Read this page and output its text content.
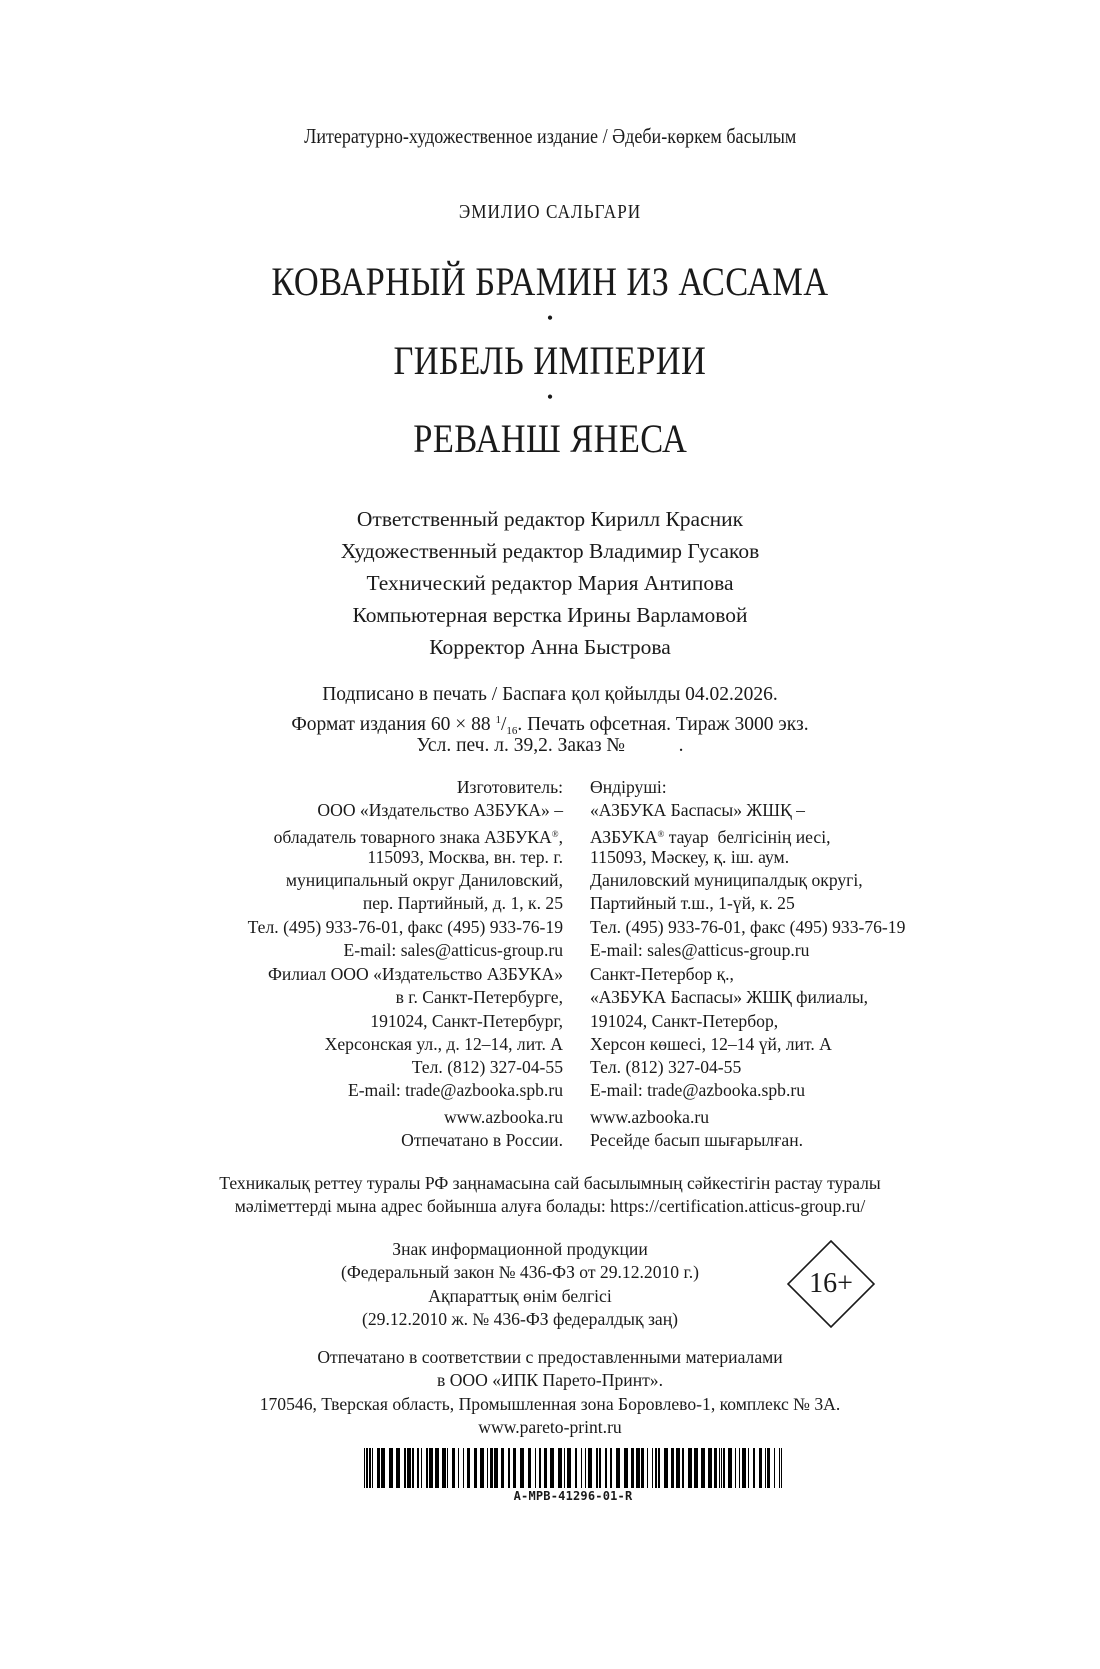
Литературно-художественное издание / Әдеби-көркем басылым
ЭМИЛИО САЛЬГАРИ
КОВАРНЫЙ БРАМИН ИЗ АССАМА
•
ГИБЕЛЬ ИМПЕРИИ
•
РЕВАНШ ЯНЕСА
Ответственный редактор Кирилл Красник
Художественный редактор Владимир Гусаков
Технический редактор Мария Антипова
Компьютерная верстка Ирины Варламовой
Корректор Анна Быстрова
Подписано в печать / Баспаға қол қойылды 04.02.2026.
Формат издания 60 × 88 $^1/_{16}$. Печать офсетная. Тираж 3000 экз.
Усл. печ. л. 39,2. Заказ №           .
Изготовитель:
ООО «Издательство АЗБУКА» –
обладатель товарного знака АЗБУКА®,
115093, Москва, вн. тер. г.
муниципальный округ Даниловский,
пер. Партийный, д. 1, к. 25
Тел. (495) 933-76-01, факс (495) 933-76-19
E-mail: sales@atticus-group.ru
Өндіруші:
«АЗБУКА Баспасы» ЖШҚ –
АЗБУКА® тауар  белгісінің иесі,
115093, Мәскеу, қ. іш. аум.
Даниловский муниципалдық округі,
Партийный т.ш., 1-үй, к. 25
Тел. (495) 933-76-01, факс (495) 933-76-19
E-mail: sales@atticus-group.ru
Филиал ООО «Издательство АЗБУКА»
в г. Санкт-Петербурге,
191024, Санкт-Петербург,
Херсонская ул., д. 12–14, лит. А
Тел. (812) 327-04-55
E-mail: trade@azbooka.spb.ru
Санкт-Петербор қ.,
«АЗБУКА Баспасы» ЖШҚ филиалы,
191024, Санкт-Петербор,
Херсон көшесі, 12–14 үй, лит. А
Тел. (812) 327-04-55
E-mail: trade@azbooka.spb.ru
www.azbooka.ru
Отпечатано в России.
www.azbooka.ru
Ресейде басып шығарылған.
Техникалық реттеу туралы РФ заңнамасына сай басылымның сәйкестігін растау туралы
мәліметтерді мына адрес бойынша алуға болады: https://certification.atticus-group.ru/
Знак информационной продукции
(Федеральный закон № 436-ФЗ от 29.12.2010 г.)
Ақпараттық өнім белгісі
(29.12.2010 ж. № 436-ФЗ федералдық заң)
16+
Отпечатано в соответствии с предоставленными материалами
в ООО «ИПК Парето-Принт».
170546, Тверская область, Промышленная зона Боровлево-1, комплекс № 3А.
www.pareto-print.ru
A-MPB-41296-01-R
